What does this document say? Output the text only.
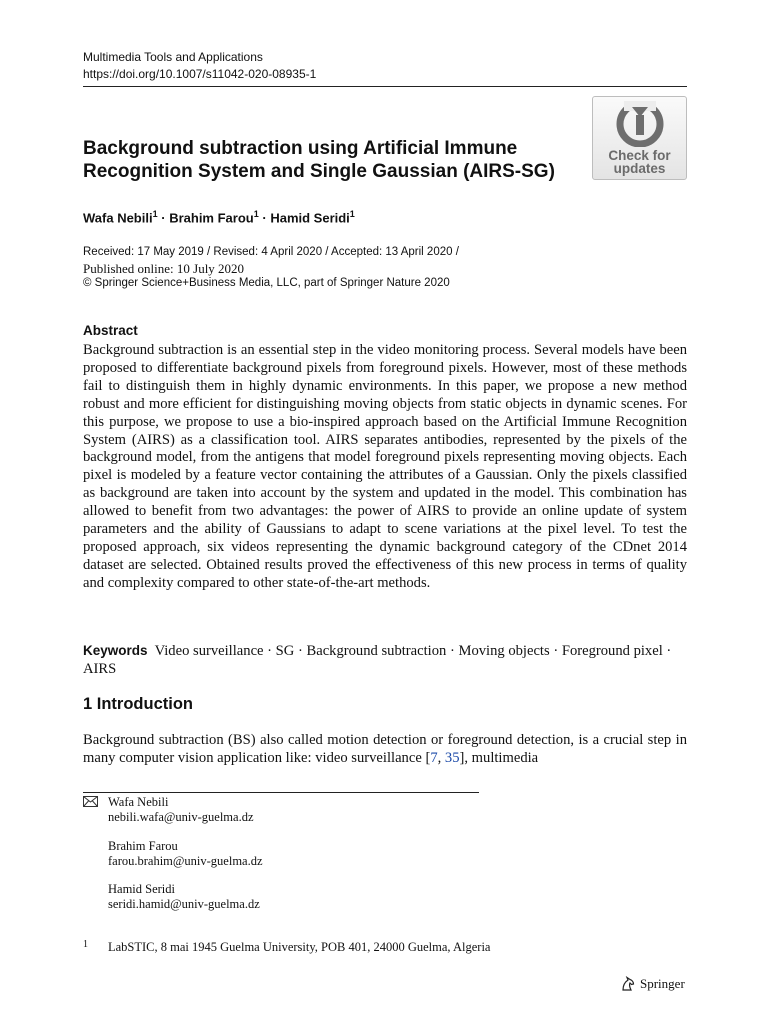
Multimedia Tools and Applications
https://doi.org/10.1007/s11042-020-08935-1
Check for updates
Background subtraction using Artificial Immune Recognition System and Single Gaussian (AIRS-SG)
Wafa Nebili$^1$ · Brahim Farou$^1$ · Hamid Seridi$^1$
Received: 17 May 2019 / Revised: 4 April 2020 / Accepted: 13 April 2020 /
Published online: 10 July 2020
© Springer Science+Business Media, LLC, part of Springer Nature 2020
Abstract

Background subtraction is an essential step in the video monitoring process. Several models have been proposed to differentiate background pixels from foreground pixels. However, most of these methods fail to distinguish them in highly dynamic environments. In this paper, we propose a new method robust and more efficient for distinguishing moving objects from static objects in dynamic scenes. For this purpose, we propose to use a bio-inspired approach based on the Artificial Immune Recognition System (AIRS) as a classification tool. AIRS separates antibodies, represented by the pixels of the background model, from the antigens that model foreground pixels representing moving objects. Each pixel is modeled by a feature vector containing the attributes of a Gaussian. Only the pixels classified as background are taken into account by the system and updated in the model. This combination has allowed to benefit from two advantages: the power of AIRS to provide an online update of system parameters and the ability of Gaussians to adapt to scene variations at the pixel level. To test the proposed approach, six videos representing the dynamic background category of the CDnet 2014 dataset are selected. Obtained results proved the effectiveness of this new process in terms of quality and complexity compared to other state-of-the-art methods.

Keywords Video surveillance · SG · Background subtraction · Moving objects · Foreground pixel · AIRS
1 Introduction

Background subtraction (BS) also called motion detection or foreground detection, is a crucial step in many computer vision application like: video surveillance [7, 35], multimedia

Wafa Nebili
nebili.wafa@univ-guelma.dz
Brahim Farou
farou.brahim@univ-guelma.dz
Hamid Seridi
seridi.hamid@univ-guelma.dz
1 LabSTIC, 8 mai 1945 Guelma University, POB 401, 24000 Guelma, Algeria
Springer
